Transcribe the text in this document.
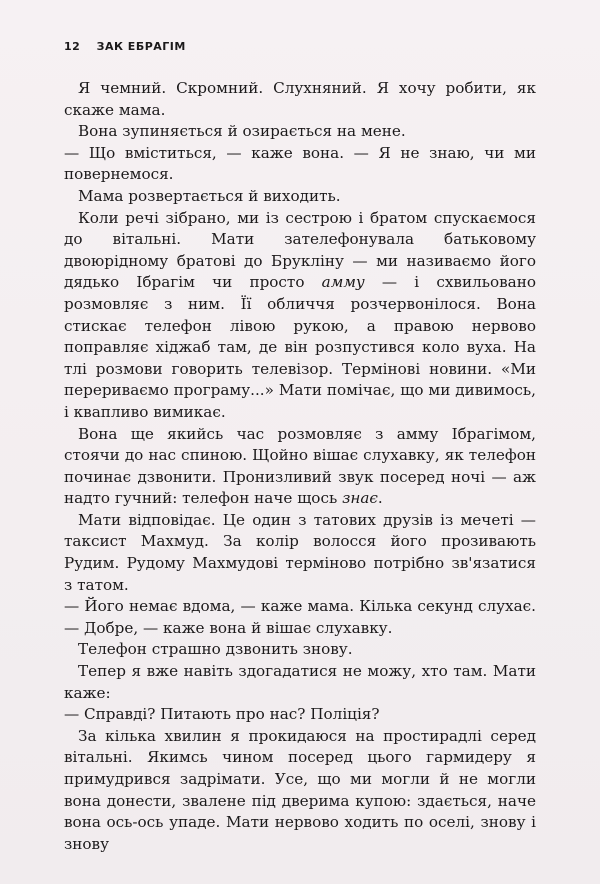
12 ЗАК ЕБРАГІМ

Я чемний. Скромний. Слухняний. Я хочу робити, як скаже мама.

Вона зупиняється й озирається на мене.

— Що вміститься, — каже вона. — Я не знаю, чи ми повернемося.

Мама розвертається й виходить.

Коли речі зібрано, ми із сестрою і братом спускаємося до вітальні. Мати зателефонувала батьковому двоюрідному братові до Брукліну — ми називаємо його дядько Ібрагім чи просто амму — і схвильовано розмовляє з ним. Її обличчя розчервонілося. Вона стискає телефон лівою рукою, а правою нервово поправляє хіджаб там, де він розпустився коло вуха. На тлі розмови говорить телевізор. Термінові новини. «Ми перериваємо програму...» Мати помічає, що ми дивимось, і квапливо вимикає.

Вона ще якийсь час розмовляє з амму Ібрагімом, стоячи до нас спиною. Щойно вішає слухавку, як телефон починає дзвонити. Пронизливий звук посеред ночі — аж надто гучний: телефон наче щось знає.

Мати відповідає. Це один з татових друзів із мечеті — таксист Махмуд. За колір волосся його прозивають Рудим. Рудому Махмудові терміново потрібно зв'язатися з татом.

— Його немає вдома, — каже мама. Кілька секунд слухає. — Добре, — каже вона й вішає слухавку.

Телефон страшно дзвонить знову.

Тепер я вже навіть здогадатися не можу, хто там. Мати каже:

— Справді? Питають про нас? Поліція?

За кілька хвилин я прокидаюся на простирадлі серед вітальні. Якимсь чином посеред цього гармидеру я примудрився задрімати. Усе, що ми могли й не могли вона донести, звалене під дверима купою: здається, наче вона ось-ось упаде. Мати нервово ходить по оселі, знову і знову
